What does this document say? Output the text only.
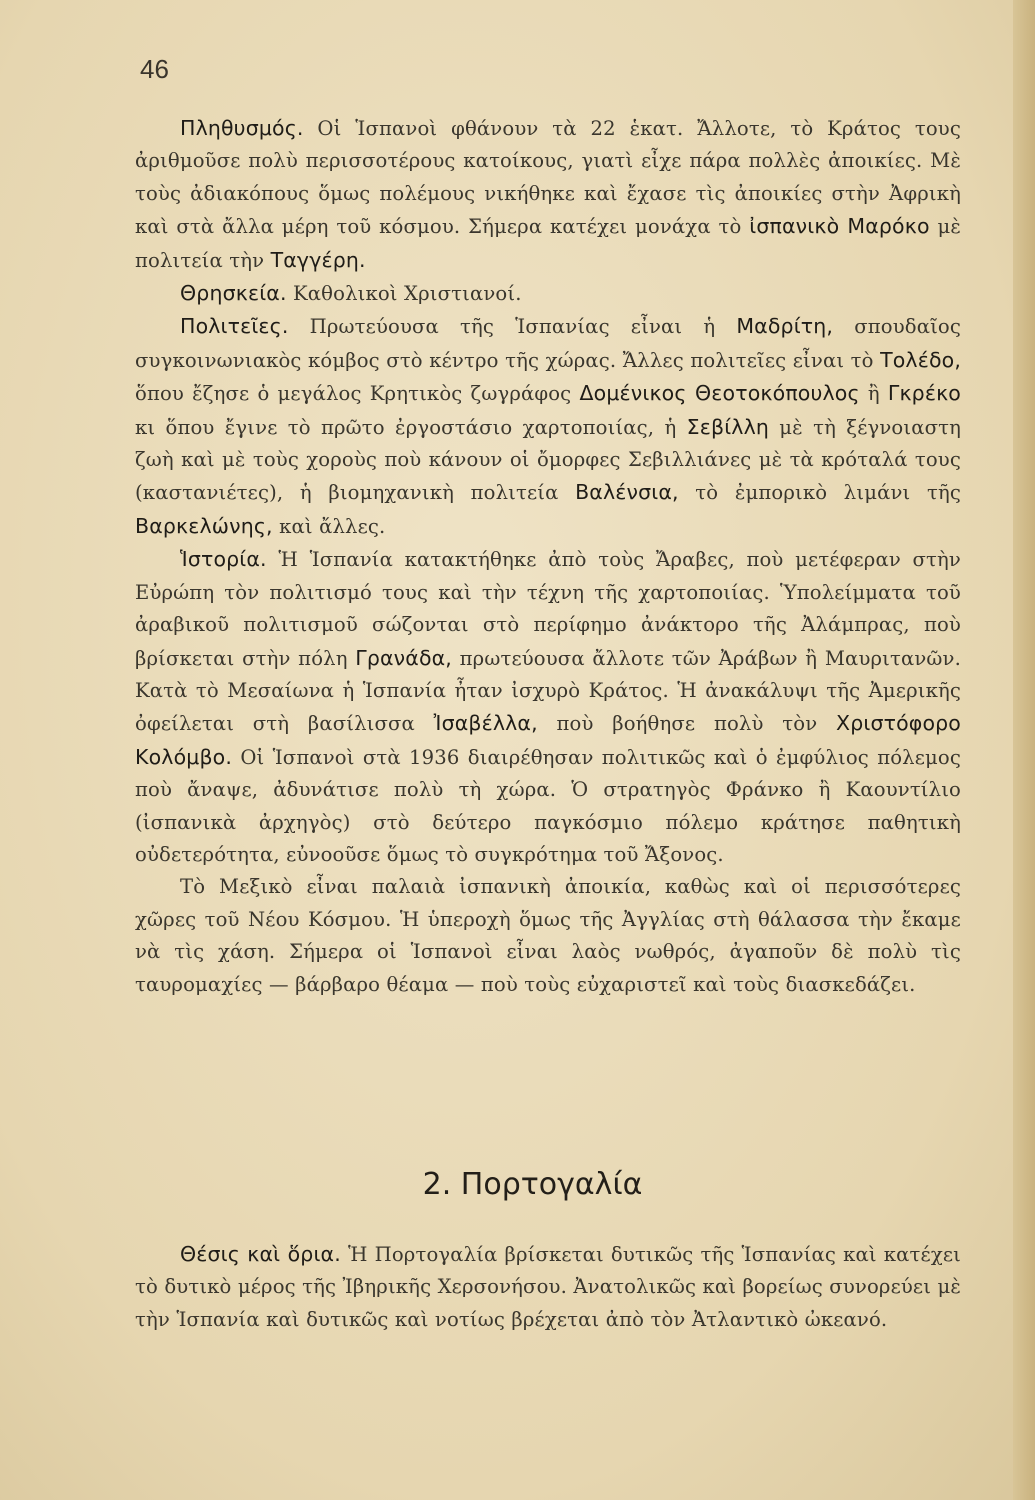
46

Πληθυσμός. Οἱ Ἱσπανοὶ φθάνουν τὰ 22 ἑκατ. Ἄλλοτε, τὸ Κράτος τους ἀριθμοῦσε πολὺ περισσοτέρους κατοίκους, γιατὶ εἶχε πάρα πολλὲς ἀποικίες. Μὲ τοὺς ἀδιακόπους ὅμως πολέμους νικήθηκε καὶ ἔχασε τὶς ἀποικίες στὴν Ἀφρικὴ καὶ στὰ ἄλλα μέρη τοῦ κόσμου. Σήμερα κατέχει μονάχα τὸ ἰσπανικὸ Μαρόκο μὲ πολιτεία τὴν Ταγγέρη.

Θρησκεία. Καθολικοὶ Χριστιανοί.

Πολιτεῖες. Πρωτεύουσα τῆς Ἱσπανίας εἶναι ἡ Μαδρίτη, σπουδαῖος συγκοινωνιακὸς κόμβος στὸ κέντρο τῆς χώρας. Ἄλλες πολιτεῖες εἶναι τὸ Τολέδο, ὅπου ἔζησε ὁ μεγάλος Κρητικὸς ζωγράφος Δομένικος Θεοτοκόπουλος ἢ Γκρέκο κι ὅπου ἔγινε τὸ πρῶτο ἐργοστάσιο χαρτοποιίας, ἡ Σεβίλλη μὲ τὴ ξέγνοιαστη ζωὴ καὶ μὲ τοὺς χοροὺς ποὺ κάνουν οἱ ὄμορφες Σεβιλλιάνες μὲ τὰ κρόταλά τους (καστανιέτες), ἡ βιομηχανικὴ πολιτεία Βαλένσια, τὸ ἐμπορικὸ λιμάνι τῆς Βαρκελώνης, καὶ ἄλλες.

Ἱστορία. Ἡ Ἱσπανία κατακτήθηκε ἀπὸ τοὺς Ἄραβες, ποὺ μετέφεραν στὴν Εὐρώπη τὸν πολιτισμό τους καὶ τὴν τέχνη τῆς χαρτοποιίας. Ὑπολείμματα τοῦ ἀραβικοῦ πολιτισμοῦ σώζονται στὸ περίφημο ἀνάκτορο τῆς Ἀλάμπρας, ποὺ βρίσκεται στὴν πόλη Γρανάδα, πρωτεύουσα ἄλλοτε τῶν Ἀράβων ἢ Μαυριτανῶν. Κατὰ τὸ Μεσαίωνα ἡ Ἱσπανία ἦταν ἰσχυρὸ Κράτος. Ἡ ἀνακάλυψι τῆς Ἀμερικῆς ὀφείλεται στὴ βασίλισσα Ἰσαβέλλα, ποὺ βοήθησε πολὺ τὸν Χριστόφορο Κολόμβο. Οἱ Ἱσπανοὶ στὰ 1936 διαιρέθησαν πολιτικῶς καὶ ὁ ἐμφύλιος πόλεμος ποὺ ἄναψε, ἀδυνάτισε πολὺ τὴ χώρα. Ὁ στρατηγὸς Φράνκο ἢ Καουντίλιο (ἰσπανικὰ ἀρχηγὸς) στὸ δεύτερο παγκόσμιο πόλεμο κράτησε παθητικὴ οὐδετερότητα, εὐνοοῦσε ὅμως τὸ συγκρότημα τοῦ Ἄξονος.

Τὸ Μεξικὸ εἶναι παλαιὰ ἰσπανικὴ ἀποικία, καθὼς καὶ οἱ περισσότερες χῶρες τοῦ Νέου Κόσμου. Ἡ ὑπεροχὴ ὅμως τῆς Ἀγγλίας στὴ θάλασσα τὴν ἔκαμε νὰ τὶς χάση. Σήμερα οἱ Ἱσπανοὶ εἶναι λαὸς νωθρός, ἀγαποῦν δὲ πολὺ τὶς ταυρομαχίες — βάρβαρο θέαμα — ποὺ τοὺς εὐχαριστεῖ καὶ τοὺς διασκεδάζει.

2. Πορτογαλία

Θέσις καὶ ὅρια. Ἡ Πορτογαλία βρίσκεται δυτικῶς τῆς Ἱσπανίας καὶ κατέχει τὸ δυτικὸ μέρος τῆς Ἰβηρικῆς Χερσονήσου. Ἀνατολικῶς καὶ βορείως συνορεύει μὲ τὴν Ἱσπανία καὶ δυτικῶς καὶ νοτίως βρέχεται ἀπὸ τὸν Ἀτλαντικὸ ὠκεανό.
